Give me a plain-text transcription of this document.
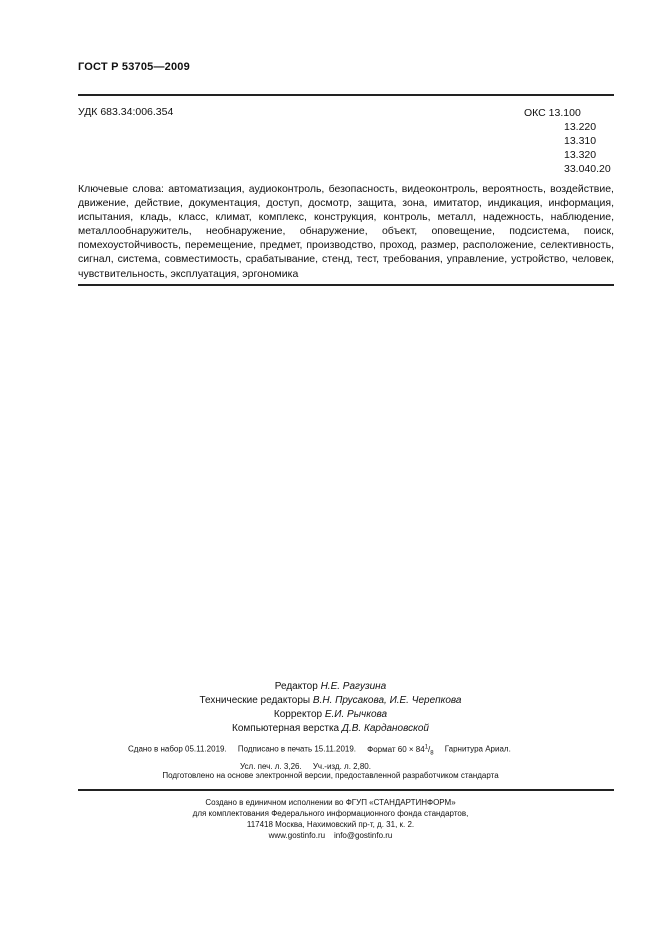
ГОСТ Р 53705—2009
УДК 683.34:006.354	ОКС 13.100
13.220
13.310
13.320
33.040.20
Ключевые слова: автоматизация, аудиоконтроль, безопасность, видеоконтроль, вероятность, воздействие, движение, действие, документация, доступ, досмотр, защита, зона, имитатор, индикация, информация, испытания, кладь, класс, климат, комплекс, конструкция, контроль, металл, надежность, наблюдение, металлообнаружитель, необнаружение, обнаружение, объект, оповещение, подсистема, поиск, помехоустойчивость, перемещение, предмет, производство, проход, размер, расположение, селективность, сигнал, система, совместимость, срабатывание, стенд, тест, требования, управление, устройство, человек, чувствительность, эксплуатация, эргономика
Редактор Н.Е. Рагузина
Технические редакторы В.Н. Прусакова, И.Е. Черепкова
Корректор Е.И. Рычкова
Компьютерная верстка Д.В. Кардановской
Сдано в набор 05.11.2019. Подписано в печать 15.11.2019. Формат $60 \times 84^1/_8$ Гарнитура Ариал.
Усл. печ. л. 3,26. Уч.-изд. л. 2,80.
Подготовлено на основе электронной версии, предоставленной разработчиком стандарта
Создано в единичном исполнении во ФГУП «СТАНДАРТИНФОРМ»
для комплектования Федерального информационного фонда стандартов,
117418 Москва, Нахимовский пр-т, д. 31, к. 2.
www.gostinfo.ru info@gostinfo.ru
